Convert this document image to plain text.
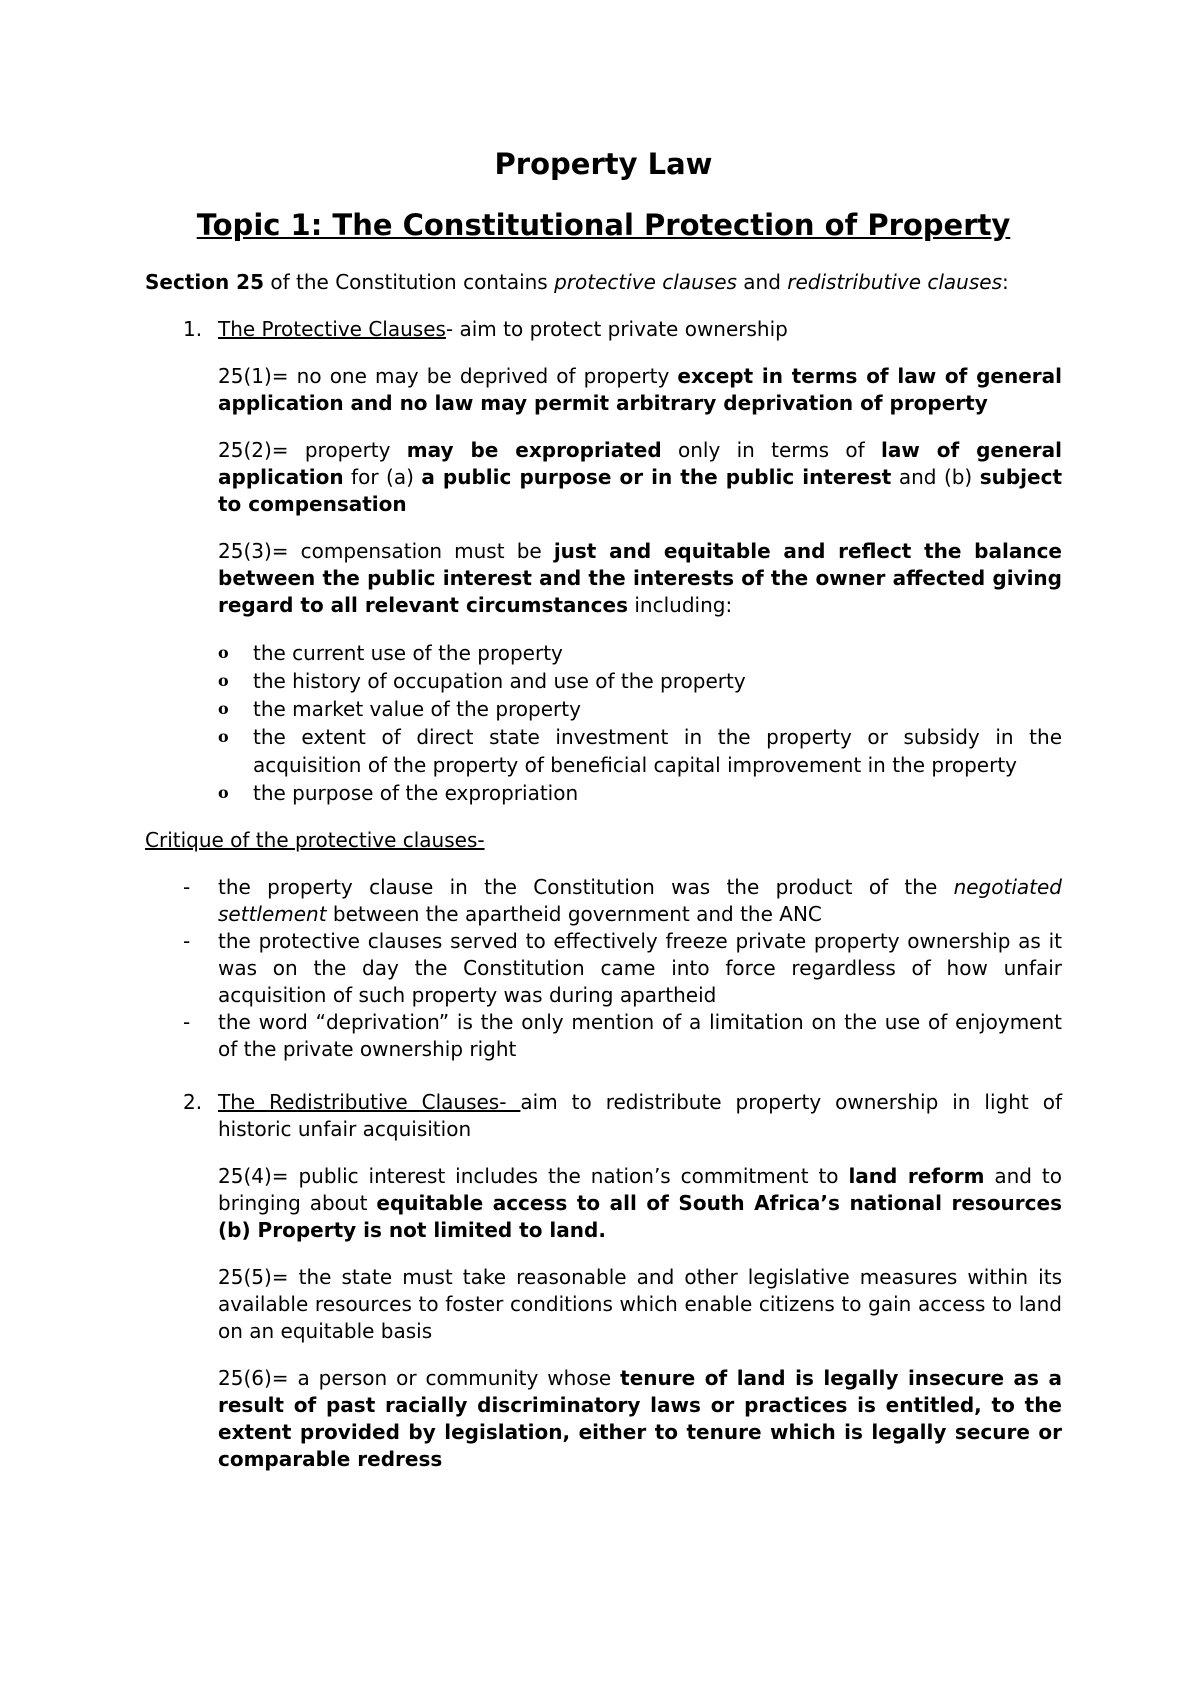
Property Law

Topic 1: The Constitutional Protection of Property

Section 25 of the Constitution contains protective clauses and redistributive clauses:

1. The Protective Clauses- aim to protect private ownership

25(1)= no one may be deprived of property except in terms of law of general application and no law may permit arbitrary deprivation of property

25(2)= property may be expropriated only in terms of law of general application for (a) a public purpose or in the public interest and (b) subject to compensation

25(3)= compensation must be just and equitable and reflect the balance between the public interest and the interests of the owner affected giving regard to all relevant circumstances including:

o the current use of the property
o the history of occupation and use of the property
o the market value of the property
o the extent of direct state investment in the property or subsidy in the acquisition of the property of beneficial capital improvement in the property
o the purpose of the expropriation

Critique of the protective clauses-

- the property clause in the Constitution was the product of the negotiated settlement between the apartheid government and the ANC
- the protective clauses served to effectively freeze private property ownership as it was on the day the Constitution came into force regardless of how unfair acquisition of such property was during apartheid
- the word “deprivation” is the only mention of a limitation on the use of enjoyment of the private ownership right

2. The Redistributive Clauses- aim to redistribute property ownership in light of historic unfair acquisition

25(4)= public interest includes the nation’s commitment to land reform and to bringing about equitable access to all of South Africa’s national resources (b) Property is not limited to land.

25(5)= the state must take reasonable and other legislative measures within its available resources to foster conditions which enable citizens to gain access to land on an equitable basis

25(6)= a person or community whose tenure of land is legally insecure as a result of past racially discriminatory laws or practices is entitled, to the extent provided by legislation, either to tenure which is legally secure or comparable redress
